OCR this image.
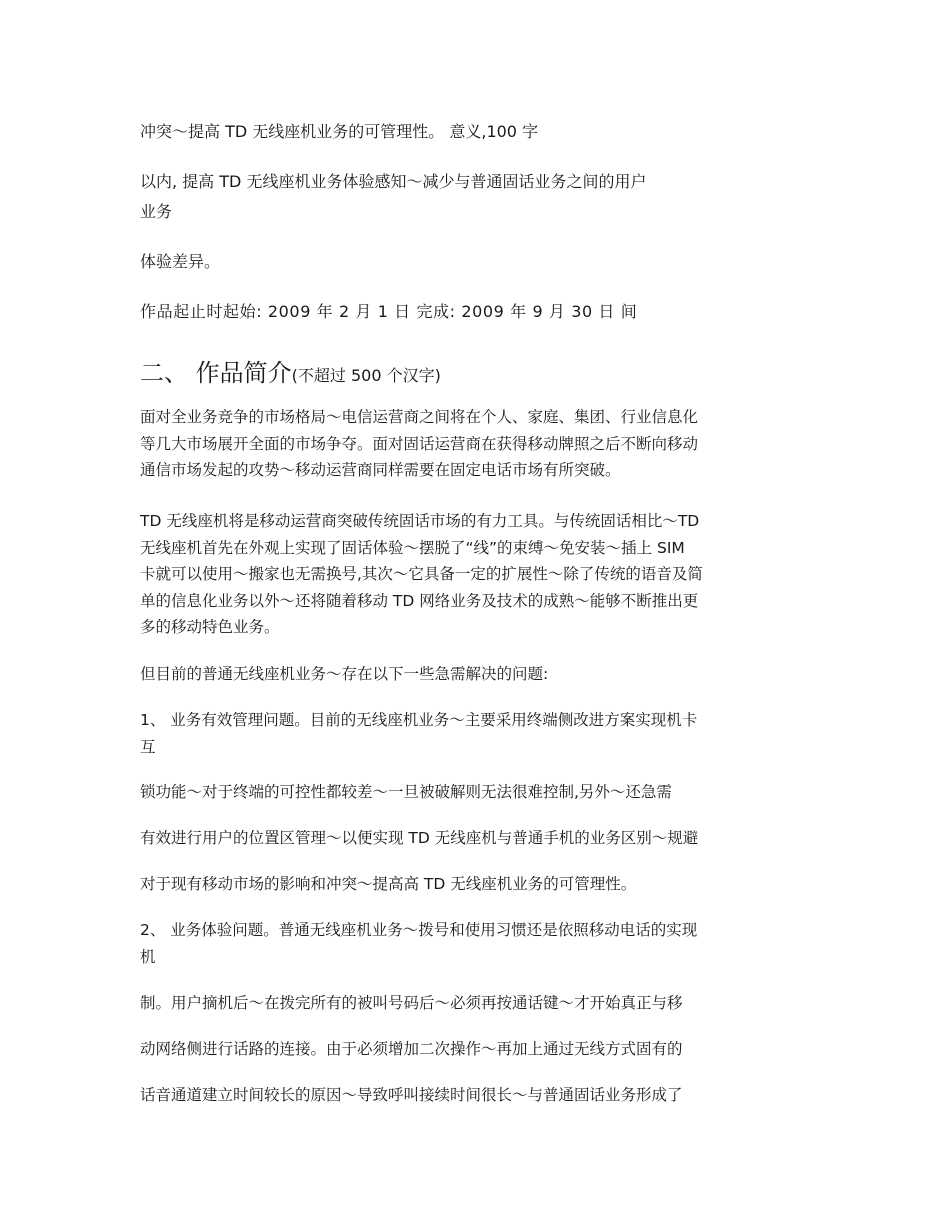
冲突～提高 TD 无线座机业务的可管理性。 意义,100 字
以内, 提高 TD 无线座机业务体验感知～减少与普通固话业务之间的用户
业务
体验差异。
作品起止时起始: 2009 年 2 月 1 日 完成: 2009 年 9 月 30 日 间
二、 作品简介(不超过 500 个汉字)
面对全业务竞争的市场格局～电信运营商之间将在个人、家庭、集团、行业信息化
等几大市场展开全面的市场争夺。面对固话运营商在获得移动牌照之后不断向移动
通信市场发起的攻势～移动运营商同样需要在固定电话市场有所突破。
TD 无线座机将是移动运营商突破传统固话市场的有力工具。与传统固话相比～TD
无线座机首先在外观上实现了固话体验～摆脱了“线”的束缚～免安装～插上 SIM
卡就可以使用～搬家也无需换号,其次～它具备一定的扩展性～除了传统的语音及简
单的信息化业务以外～还将随着移动 TD 网络业务及技术的成熟～能够不断推出更
多的移动特色业务。
但目前的普通无线座机业务～存在以下一些急需解决的问题:
1、 业务有效管理问题。目前的无线座机业务～主要采用终端侧改进方案实现机卡
互
锁功能～对于终端的可控性都较差～一旦被破解则无法很难控制,另外～还急需
有效进行用户的位置区管理～以便实现 TD 无线座机与普通手机的业务区别～规避
对于现有移动市场的影响和冲突～提高高 TD 无线座机业务的可管理性。
2、 业务体验问题。普通无线座机业务～拨号和使用习惯还是依照移动电话的实现
机
制。用户摘机后～在拨完所有的被叫号码后～必须再按通话键～才开始真正与移
动网络侧进行话路的连接。由于必须增加二次操作～再加上通过无线方式固有的
话音通道建立时间较长的原因～导致呼叫接续时间很长～与普通固话业务形成了
